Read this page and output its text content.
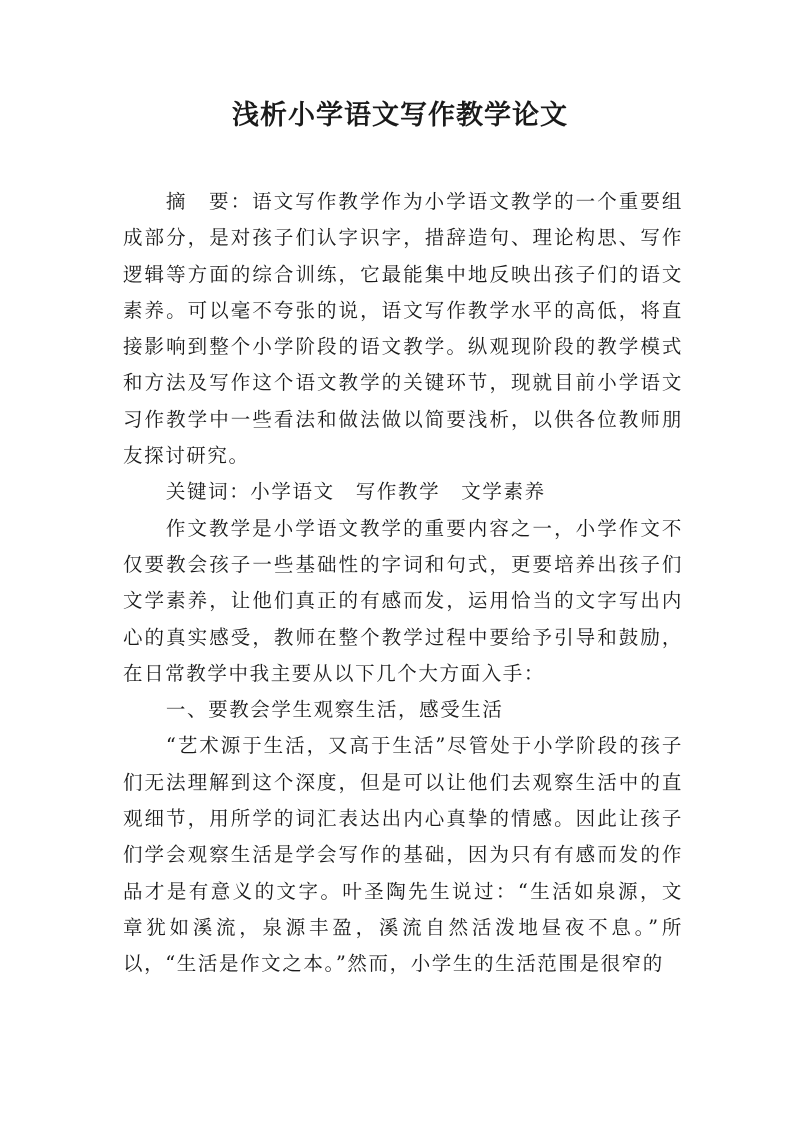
浅析小学语文写作教学论文

摘　要：语文写作教学作为小学语文教学的一个重要组成部分，是对孩子们认字识字，措辞造句、理论构思、写作逻辑等方面的综合训练，它最能集中地反映出孩子们的语文素养。可以毫不夸张的说，语文写作教学水平的高低，将直接影响到整个小学阶段的语文教学。纵观现阶段的教学模式和方法及写作这个语文教学的关键环节，现就目前小学语文习作教学中一些看法和做法做以简要浅析，以供各位教师朋友探讨研究。

关键词：小学语文　写作教学　文学素养

作文教学是小学语文教学的重要内容之一，小学作文不仅要教会孩子一些基础性的字词和句式，更要培养出孩子们文学素养，让他们真正的有感而发，运用恰当的文字写出内心的真实感受，教师在整个教学过程中要给予引导和鼓励，在日常教学中我主要从以下几个大方面入手：

一、要教会学生观察生活，感受生活

“艺术源于生活，又高于生活”尽管处于小学阶段的孩子们无法理解到这个深度，但是可以让他们去观察生活中的直观细节，用所学的词汇表达出内心真挚的情感。因此让孩子们学会观察生活是学会写作的基础，因为只有有感而发的作品才是有意义的文字。叶圣陶先生说过：“生活如泉源，文章犹如溪流，泉源丰盈，溪流自然活泼地昼夜不息。”所以，“生活是作文之本。”然而，小学生的生活范围是很窄的
